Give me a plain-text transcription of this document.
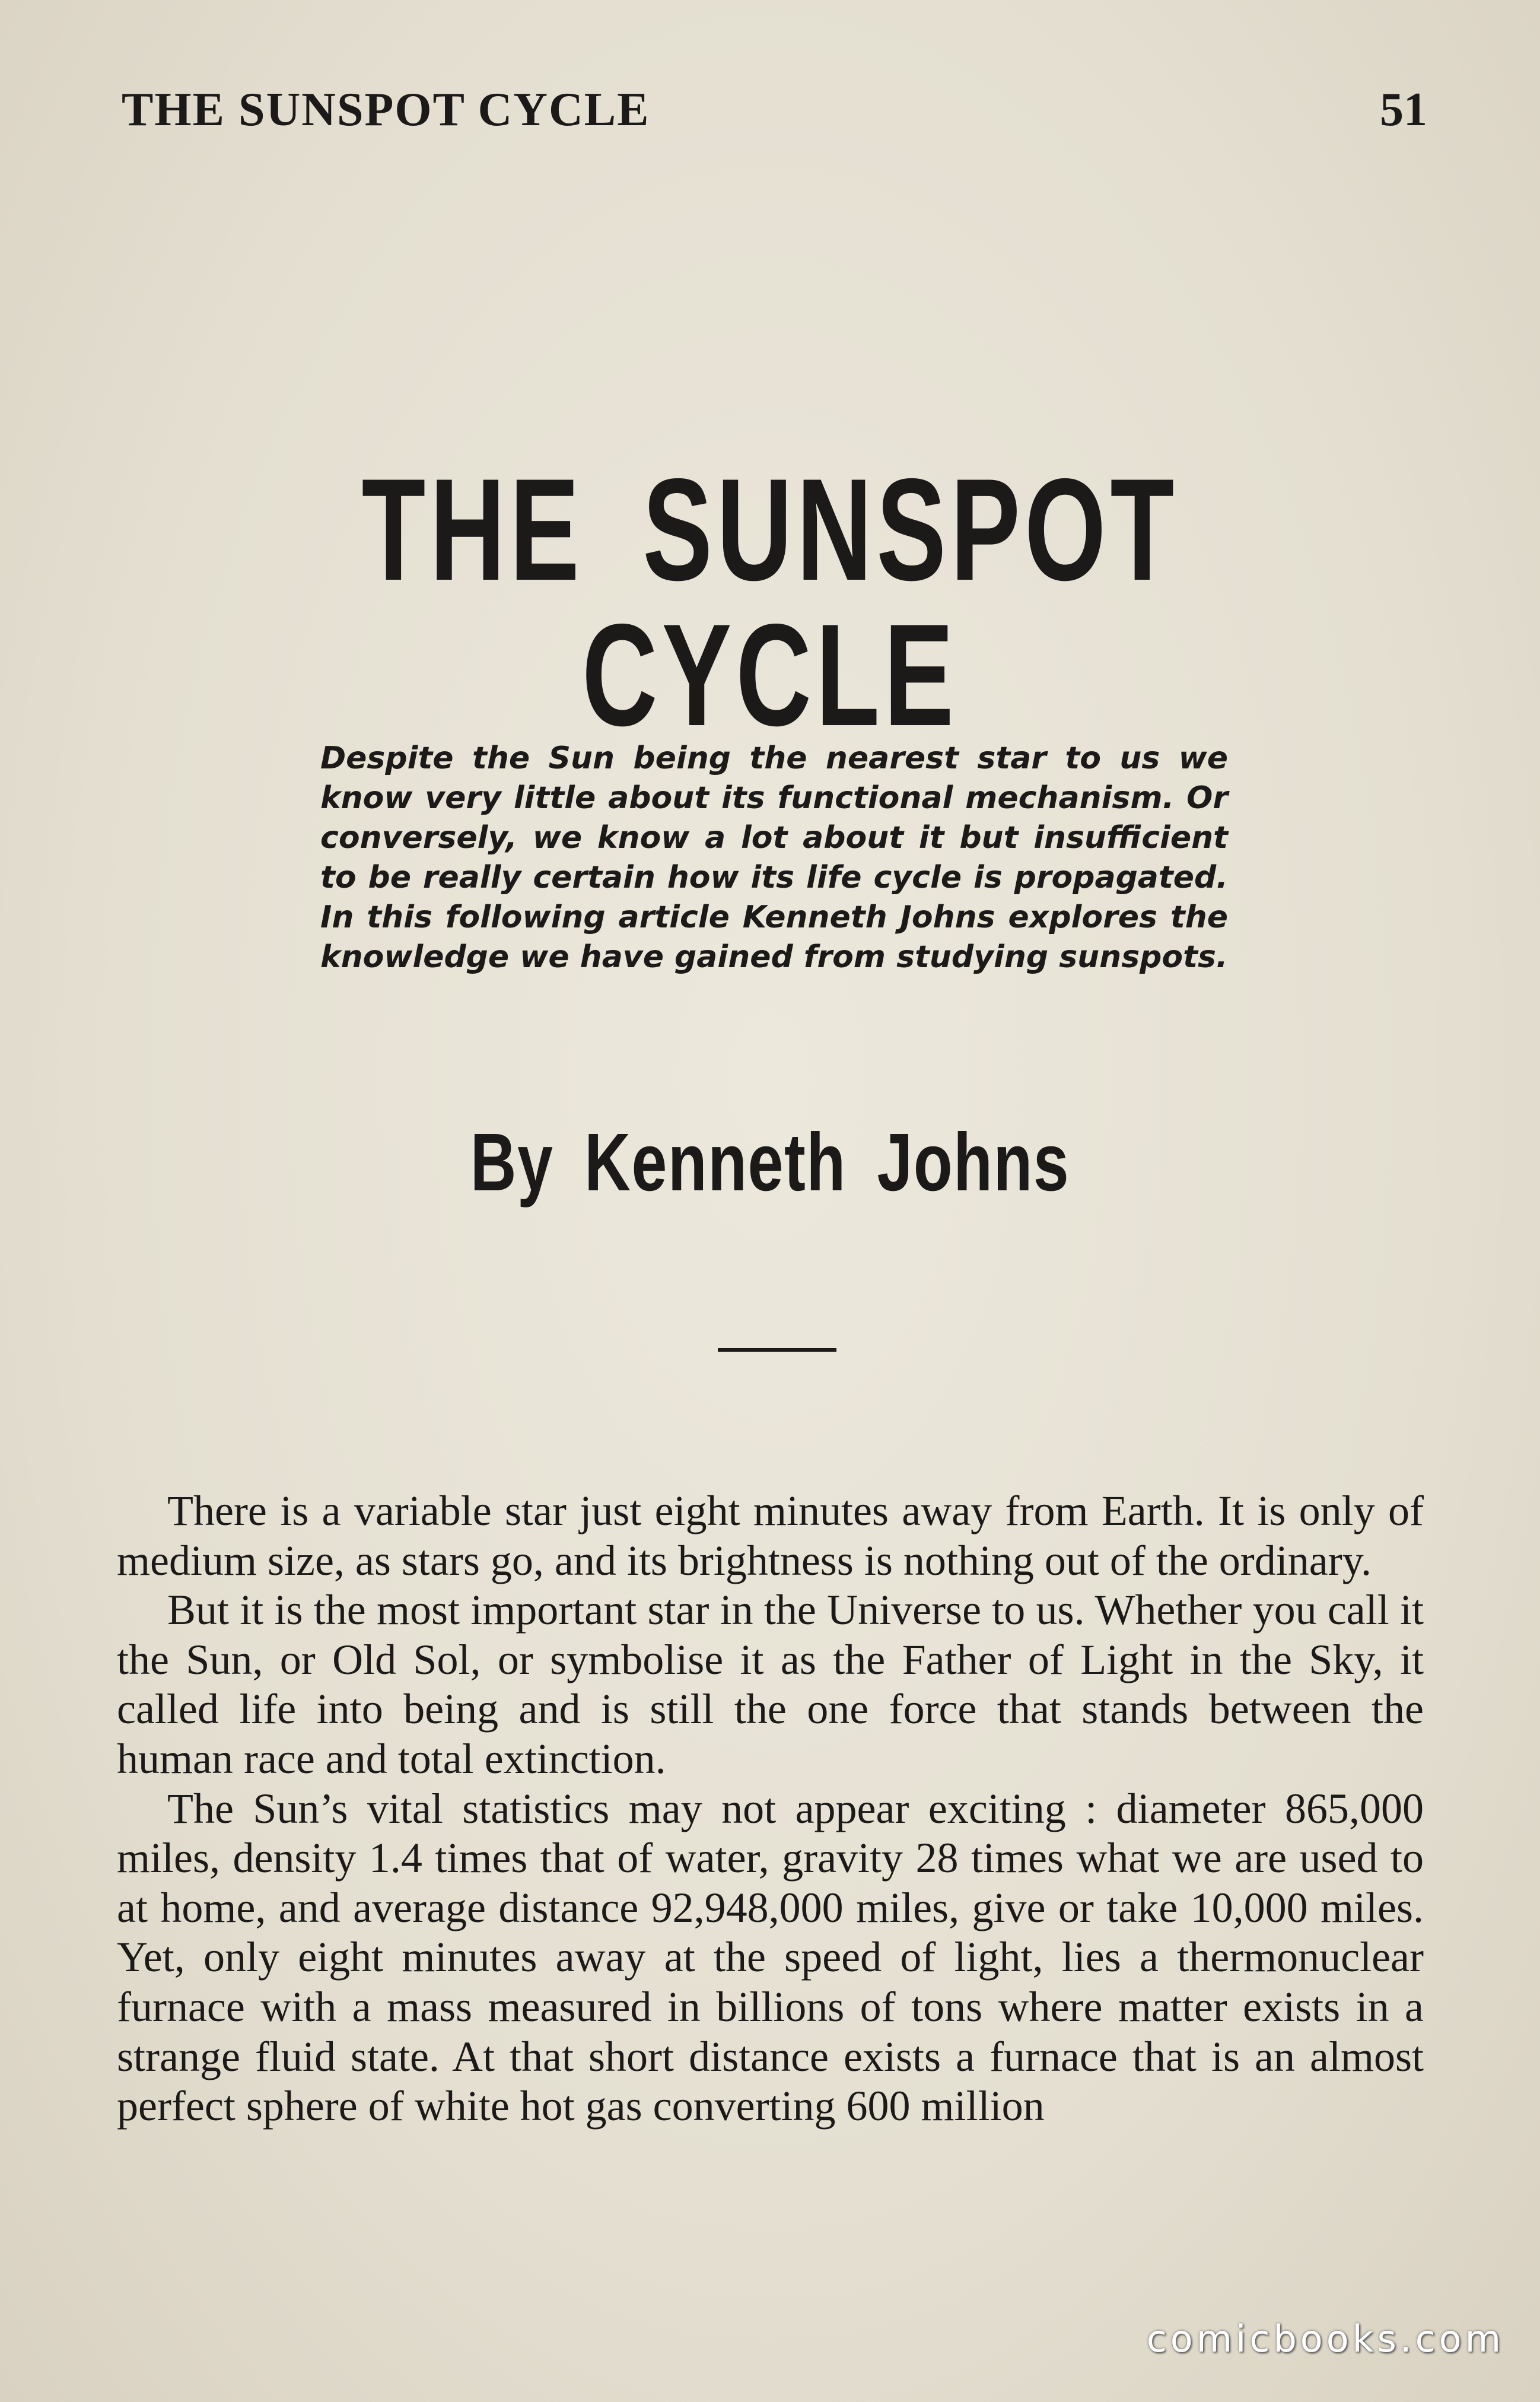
THE SUNSPOT CYCLE	51
THE SUNSPOT CYCLE
Despite the Sun being the nearest star to us we know very little about its functional mechanism. Or conversely, we know a lot about it but insufficient to be really certain how its life cycle is propagated. In this following article Kenneth Johns explores the knowledge we have gained from studying sunspots.
By Kenneth Johns

There is a variable star just eight minutes away from Earth. It is only of medium size, as stars go, and its brightness is nothing out of the ordinary.

But it is the most important star in the Universe to us. Whether you call it the Sun, or Old Sol, or symbolise it as the Father of Light in the Sky, it called life into being and is still the one force that stands between the human race and total extinction.

The Sun’s vital statistics may not appear exciting : diameter 865,000 miles, density 1.4 times that of water, gravity 28 times what we are used to at home, and average distance 92,948,000 miles, give or take 10,000 miles. Yet, only eight minutes away at the speed of light, lies a thermonuclear furnace with a mass measured in billions of tons where matter exists in a strange fluid state. At that short distance exists a furnace that is an almost perfect sphere of white hot gas converting 600 million

comicbooks.com
